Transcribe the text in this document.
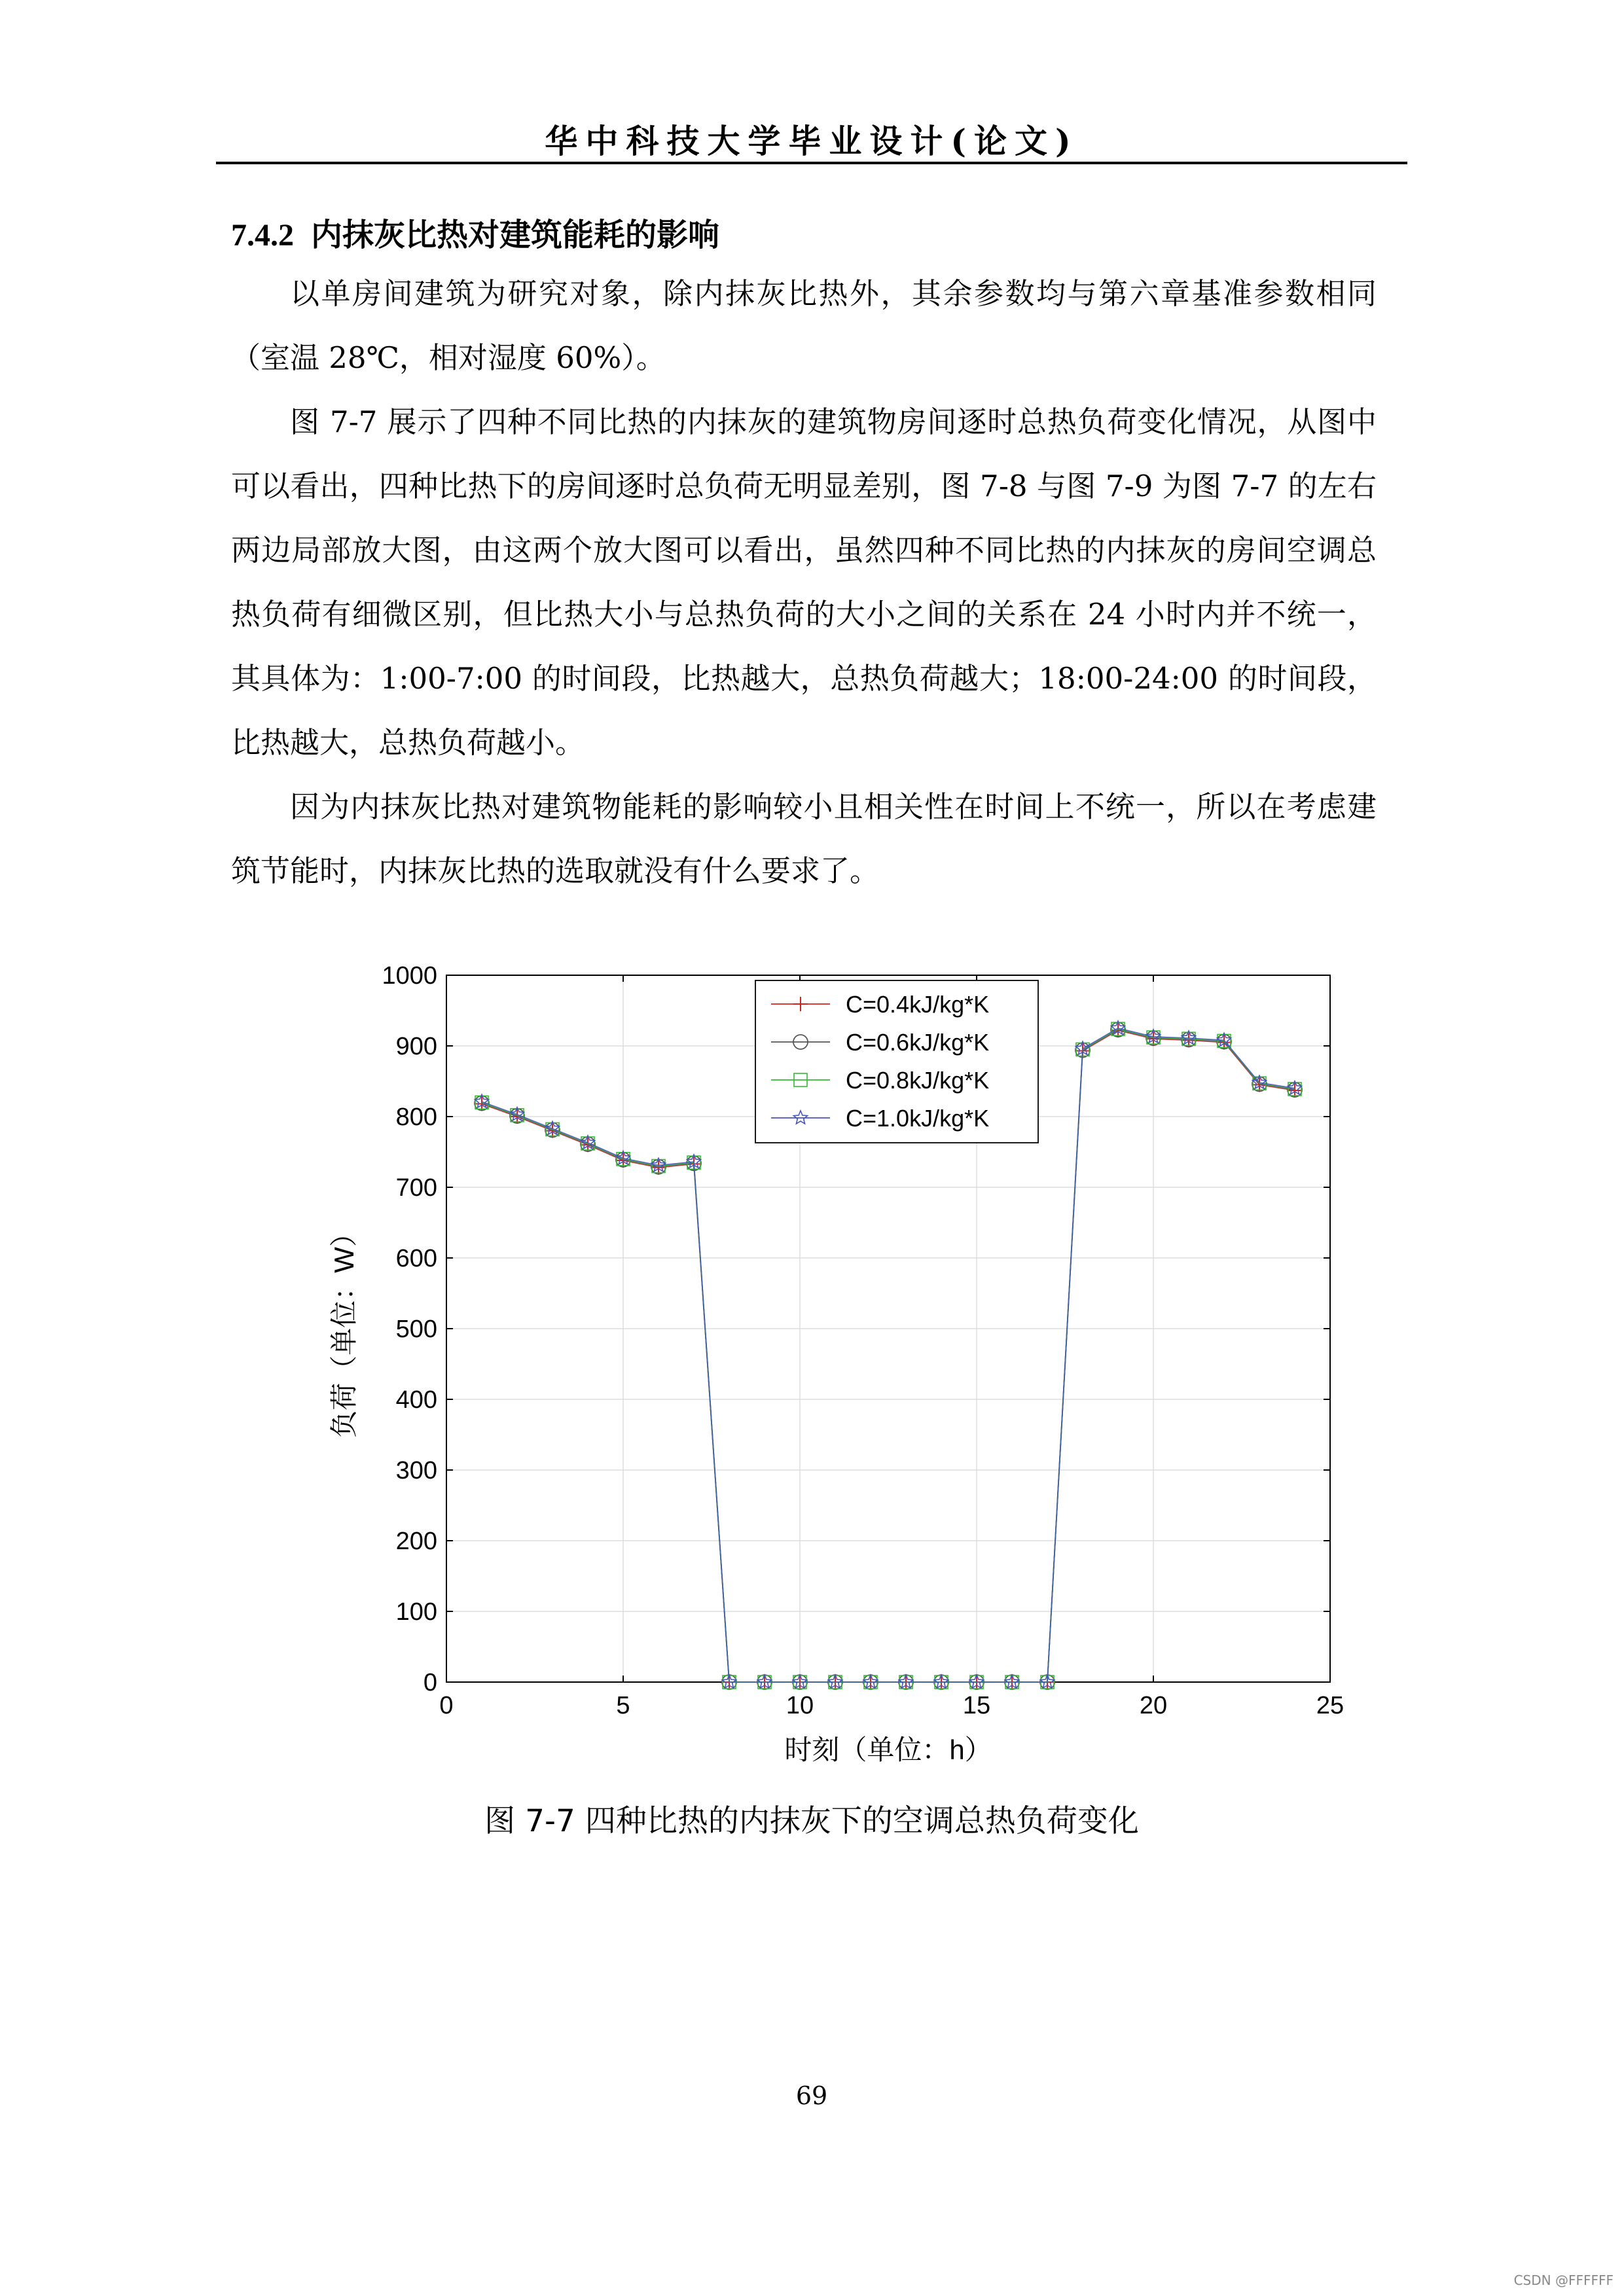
华中科技大学毕业设计(论文)
7.4.2 内抹灰比热对建筑能耗的影响

以单房间建筑为研究对象，除内抹灰比热外，其余参数均与第六章基准参数相同（室温 28℃，相对湿度 60%）。

图 7-7 展示了四种不同比热的内抹灰的建筑物房间逐时总热负荷变化情况，从图中可以看出，四种比热下的房间逐时总负荷无明显差别，图 7-8 与图 7-9 为图 7-7 的左右两边局部放大图，由这两个放大图可以看出，虽然四种不同比热的内抹灰的房间空调总热负荷有细微区别，但比热大小与总热负荷的大小之间的关系在 24 小时内并不统一，其具体为：1:00-7:00 的时间段，比热越大，总热负荷越大；18:00-24:00 的时间段，比热越大，总热负荷越小。

因为内抹灰比热对建筑物能耗的影响较小且相关性在时间上不统一，所以在考虑建筑节能时，内抹灰比热的选取就没有什么要求了。

0	5	10	15	20	25
0
100
200
300
400
500
600
700
800
900
1000
时刻（单位：h）
负荷（单位：W）
C=0.4kJ/kg*K
C=0.6kJ/kg*K
C=0.8kJ/kg*K
C=1.0kJ/kg*K
图 7-7 四种比热的内抹灰下的空调总热负荷变化
69
CSDN @FFFFFF
